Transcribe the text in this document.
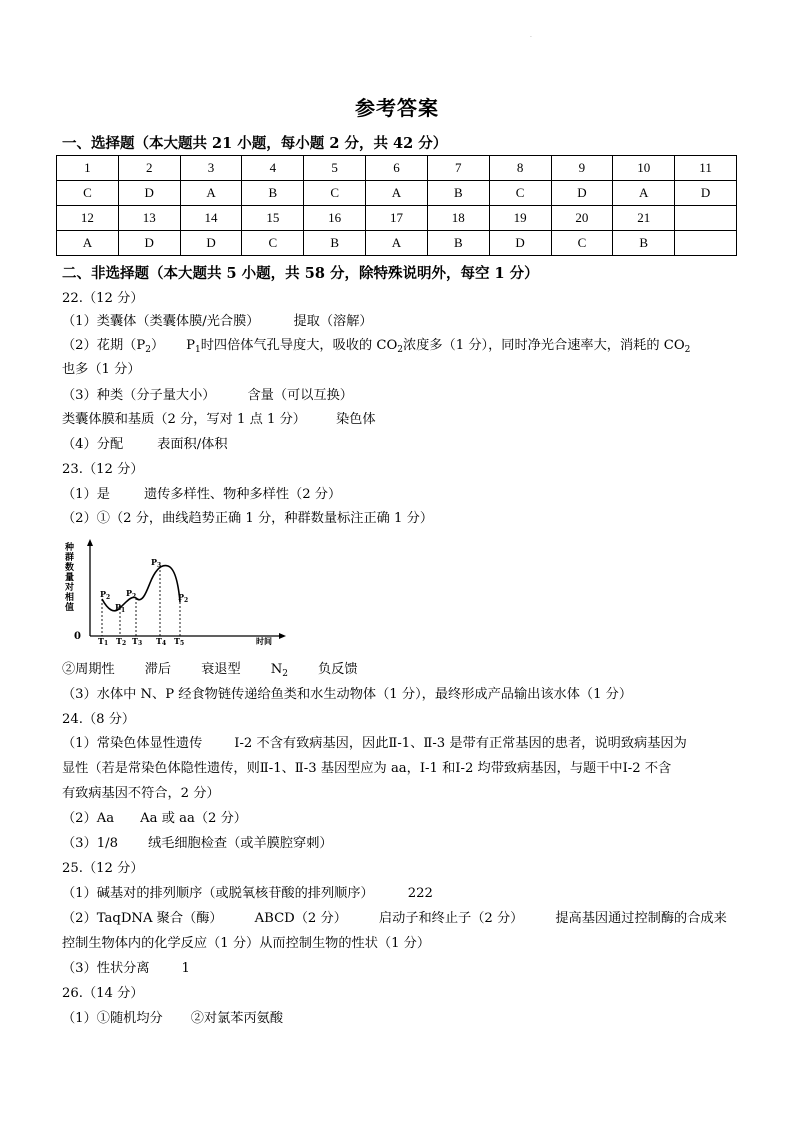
·
参考答案
一、选择题（本大题共 21 小题，每小题 2 分，共 42 分）
1	2	3	4	5	6	7	8	9	10	11
C	D	A	B	C	A	B	C	D	A	D
12	13	14	15	16	17	18	19	20	21	
A	D	D	C	B	A	B	D	C	B	
二、非选择题（本大题共 5 小题，共 58 分，除特殊说明外，每空 1 分）
22.（12 分）
（1）类囊体（类囊体膜/光合膜）	提取（溶解）
（2）花期$(P_2)$ $P_1$时四倍体气孔导度大，吸收的 $CO_2$浓度多（1 分），同时净光合速率大，消耗的 $CO_2$
也多（1 分）
（3）种类（分子量大小） 含量（可以互换）
类囊体膜和基质（2 分，写对 1 点 1 分） 染色体
（4）分配	表面积/体积
23.（12 分）
（1）是	遗传多样性、物种多样性（2 分）
（2）①（2 分，曲线趋势正确 1 分，种群数量标注正确 1 分）
种
群
数
量
对
相
值
0	时间
$P_2$
$P_1$
$P_2$
$P_3$
$P_2$
T1 T2 T3 T4 T5
②周期性 滞后 衰退型 $N_2$ 负反馈
（3）水体中 N、P 经食物链传递给鱼类和水生动物体（1 分），最终形成产品输出该水体（1 分）
24.（8 分）
（1）常染色体显性遗传 Ⅰ-2 不含有致病基因，因此Ⅱ-1、Ⅱ-3 是带有正常基因的患者，说明致病基因为
显性（若是常染色体隐性遗传，则Ⅱ-1、Ⅱ-3 基因型应为 aa，Ⅰ-1 和Ⅰ-2 均带致病基因，与题干中Ⅰ-2 不含
有致病基因不符合，2 分）
（2）Aa Aa 或 aa（2 分）
（3）1/8 绒毛细胞检查（或羊膜腔穿刺）
25.（12 分）
（1）碱基对的排列顺序（或脱氧核苷酸的排列顺序）	222
（2）TaqDNA 聚合（酶） ABCD（2 分） 启动子和终止子（2 分） 提高基因通过控制酶的合成来
控制生物体内的化学反应（1 分）从而控制生物的性状（1 分）
（3）性状分离 1
26.（14 分）
（1）①随机均分 ②对氯苯丙氨酸
